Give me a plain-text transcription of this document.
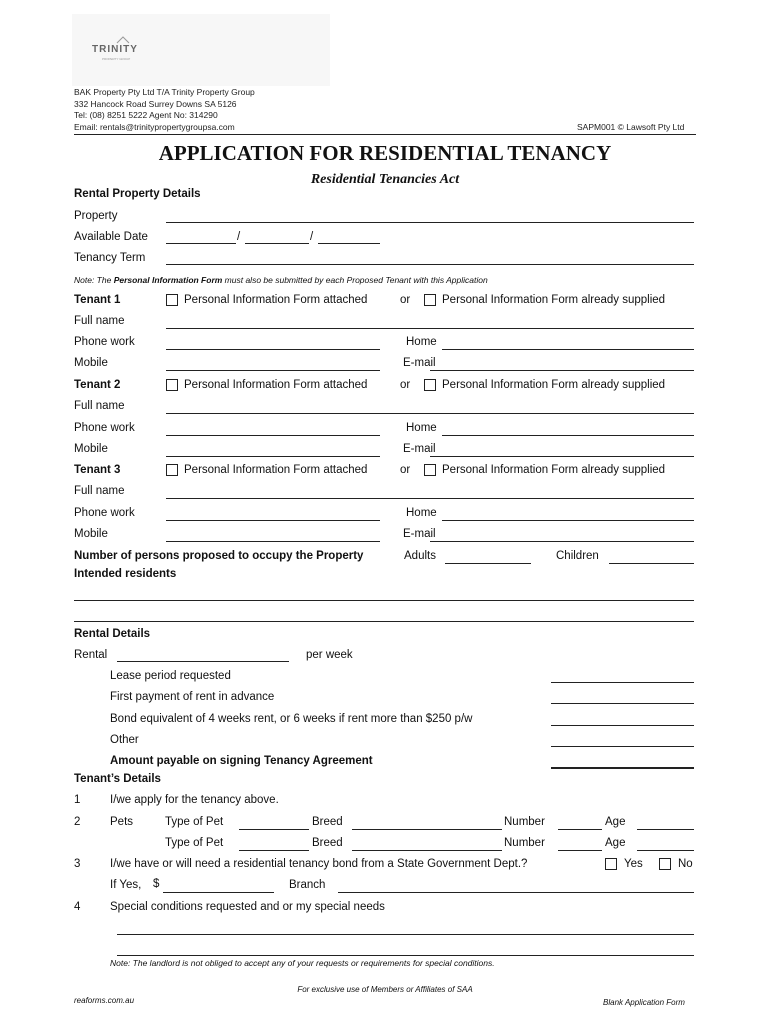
TRINITY
PROPERTY GROUP
BAK Property Pty Ltd T/A Trinity Property Group
332 Hancock Road Surrey Downs SA 5126
Tel: (08) 8251 5222 Agent No: 314290
Email: rentals@trinitypropertygroupsa.com	SAPM001 © Lawsoft Pty Ltd
APPLICATION FOR RESIDENTIAL TENANCY
Residential Tenancies Act
Rental Property Details
Property
Available Date	/	/
Tenancy Term
Note: The Personal Information Form must also be submitted by each Proposed Tenant with this Application
Tenant 1	Personal Information Form attached	or	Personal Information Form already supplied
Full name
Phone work	Home
Mobile	E-mail
Tenant 2	Personal Information Form attached	or	Personal Information Form already supplied
Full name
Phone work	Home
Mobile	E-mail
Tenant 3	Personal Information Form attached	or	Personal Information Form already supplied
Full name
Phone work	Home
Mobile	E-mail
Number of persons proposed to occupy the Property	Adults	Children
Intended residents
Rental Details
Rental	per week
Lease period requested
First payment of rent in advance
Bond equivalent of 4 weeks rent, or 6 weeks if rent more than $250 p/w
Other
Amount payable on signing Tenancy Agreement
Tenant’s Details
1	I/we apply for the tenancy above.
2	Pets	Type of Pet	Breed	Number	Age
Type of Pet	Breed	Number	Age
3	I/we have or will need a residential tenancy bond from a State Government Dept.?	Yes	No
If Yes, $	Branch
4	Special conditions requested and or my special needs
Note: The landlord is not obliged to accept any of your requests or requirements for special conditions.
For exclusive use of Members or Affiliates of SAA
reaforms.com.au	Blank Application Form
